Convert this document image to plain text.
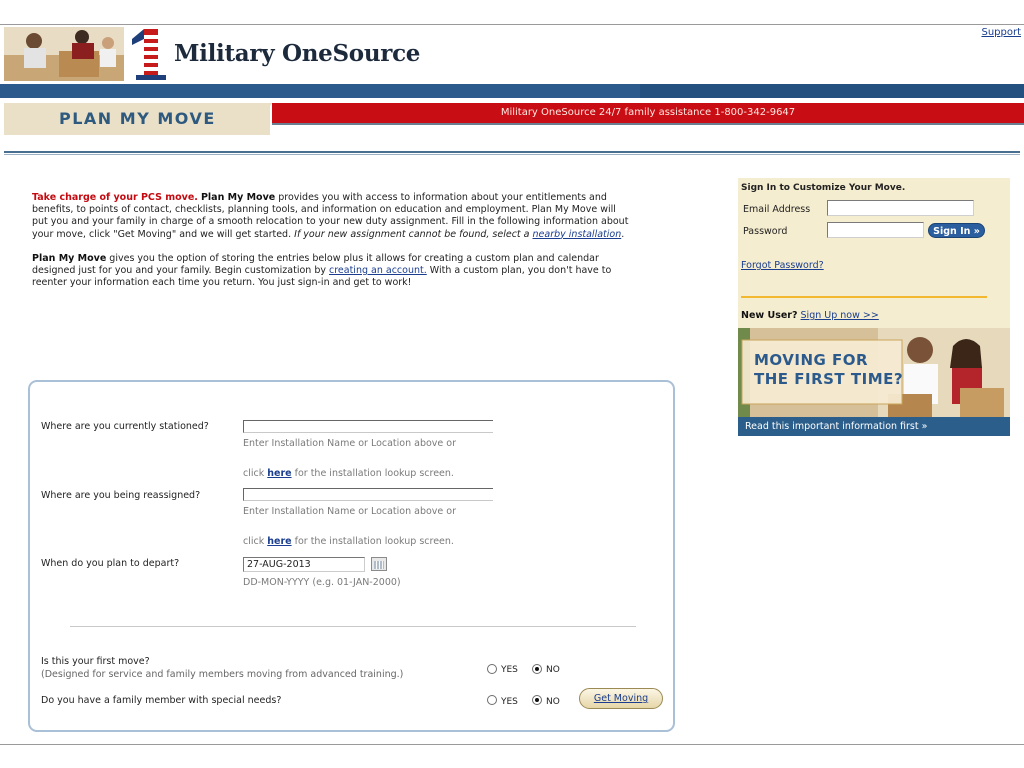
Military OneSource
Support
PLAN MY MOVE	Military OneSource 24/7 family assistance 1-800-342-9647

Take charge of your PCS move. Plan My Move provides you with access to information about your entitlements and benefits, to points of contact, checklists, planning tools, and information on education and employment. Plan My Move will put you and your family in charge of a smooth relocation to your new duty assignment. Fill in the following information about your move, click "Get Moving" and we will get started. If your new assignment cannot be found, select a nearby installation.

Plan My Move gives you the option of storing the entries below plus it allows for creating a custom plan and calendar designed just for you and your family. Begin customization by creating an account. With a custom plan, you don't have to reenter your information each time you return. You just sign-in and get to work!

Where are you currently stationed?
Enter Installation Name or Location above or
click here for the installation lookup screen.
Where are you being reassigned?
Enter Installation Name or Location above or
click here for the installation lookup screen.
When do you plan to depart?
27-AUG-2013
DD-MON-YYYY (e.g. 01-JAN-2000)
Is this your first move?
(Designed for service and family members moving from advanced training.)	YES	NO
Do you have a family member with special needs?	YES	NO	Get Moving
Sign In to Customize Your Move.
Email Address
Password	Sign In »
Forgot Password?
New User? Sign Up now >>
MOVING FOR
THE FIRST TIME?
Read this important information first »
